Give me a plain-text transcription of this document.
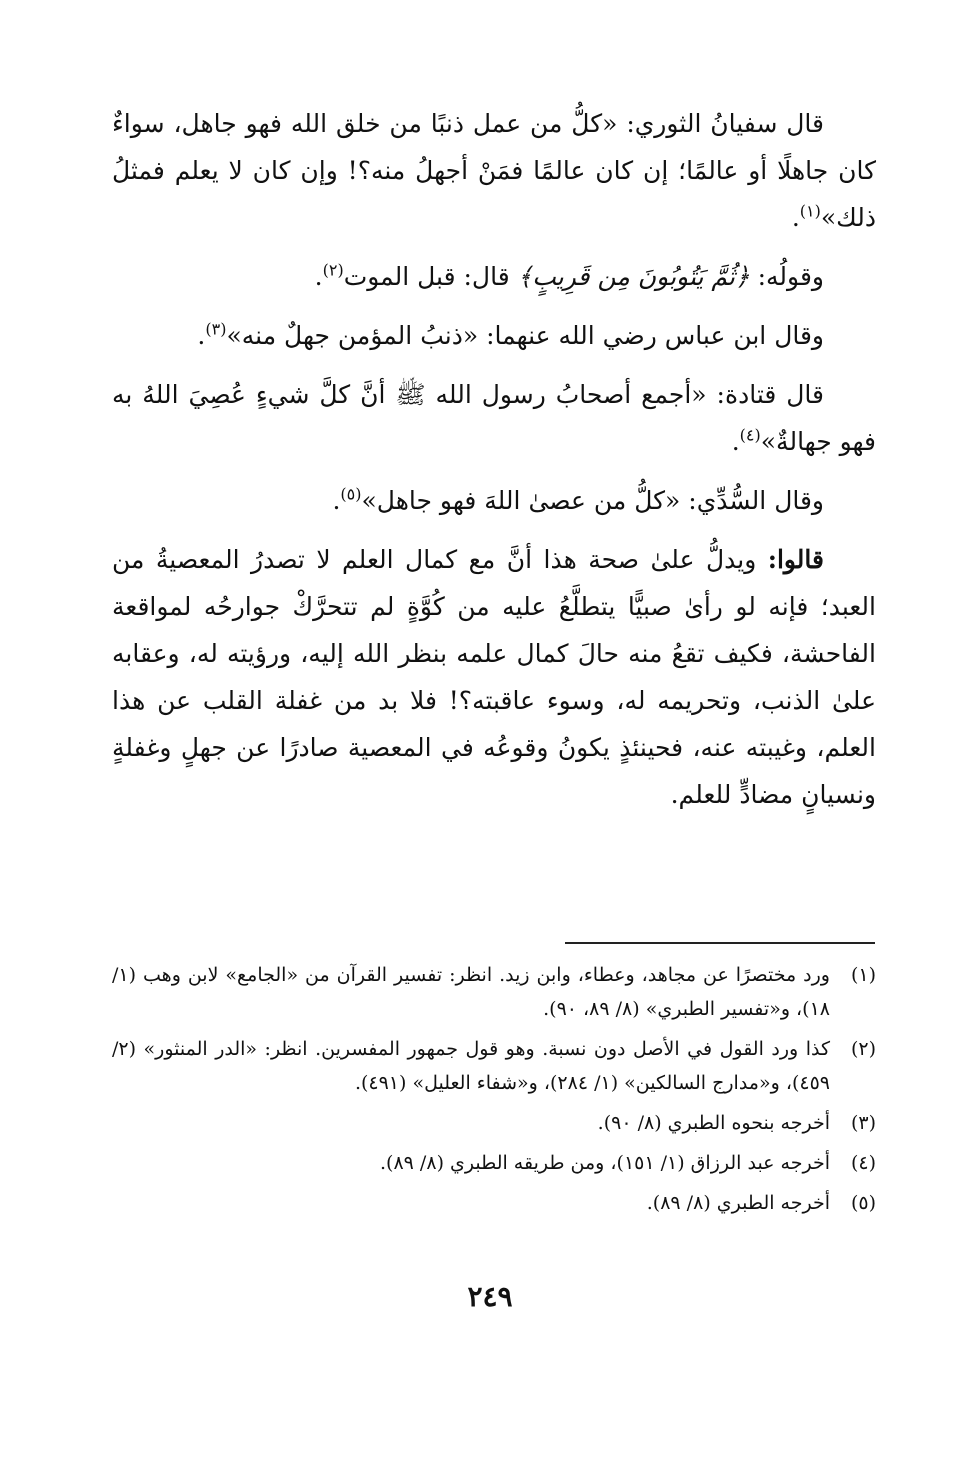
قال سفيانُ الثوري: «كلُّ من عمل ذنبًا من خلق الله فهو جاهل، سواءٌ كان جاهلًا أو عالمًا؛ إن كان عالمًا فمَنْ أجهلُ منه؟! وإن كان لا يعلم فمثلُ ذلك»$^{(١)}$.

وقولُه: ﴿ثُمَّ يَتُوبُونَ مِن قَرِيبٍ﴾ قال: قبل الموت$^{(٢)}$.

وقال ابن عباس رضي الله عنهما: «ذنبُ المؤمن جهلٌ منه»$^{(٣)}$.

قال قتادة: «أجمع أصحابُ رسول الله ﷺ أنَّ كلَّ شيءٍ عُصِيَ اللهُ به فهو جهالةٌ»$^{(٤)}$.

وقال السُّدِّي: «كلُّ من عصىٰ اللهَ فهو جاهل»$^{(٥)}$.

قالوا: ويدلُّ علىٰ صحة هذا أنَّ مع كمال العلم لا تصدرُ المعصيةُ من العبد؛ فإنه لو رأىٰ صبيًّا يتطلَّعُ عليه من كُوَّةٍ لم تتحرَّكْ جوارحُه لمواقعة الفاحشة، فكيف تقعُ منه حالَ كمال علمه بنظر الله إليه، ورؤيته له، وعقابه علىٰ الذنب، وتحريمه له، وسوء عاقبته؟! فلا بد من غفلة القلب عن هذا العلم، وغيبته عنه، فحينئذٍ يكونُ وقوعُه في المعصية صادرًا عن جهلٍ وغفلةٍ ونسيانٍ مضادٍّ للعلم.

(١)
ورد مختصرًا عن مجاهد، وعطاء، وابن زيد. انظر: تفسير القرآن من «الجامع» لابن وهب (١/ ١٨)، و«تفسير الطبري» (٨/ ٨٩، ٩٠).
(٢)
كذا ورد القول في الأصل دون نسبة. وهو قول جمهور المفسرين. انظر: «الدر المنثور» (٢/ ٤٥٩)، و«مدارج السالكين» (١/ ٢٨٤)، و«شفاء العليل» (٤٩١).
(٣)
أخرجه بنحوه الطبري (٨/ ٩٠).
(٤)
أخرجه عبد الرزاق (١/ ١٥١)، ومن طريقه الطبري (٨/ ٨٩).
(٥)
أخرجه الطبري (٨/ ٨٩).
٢٤٩
